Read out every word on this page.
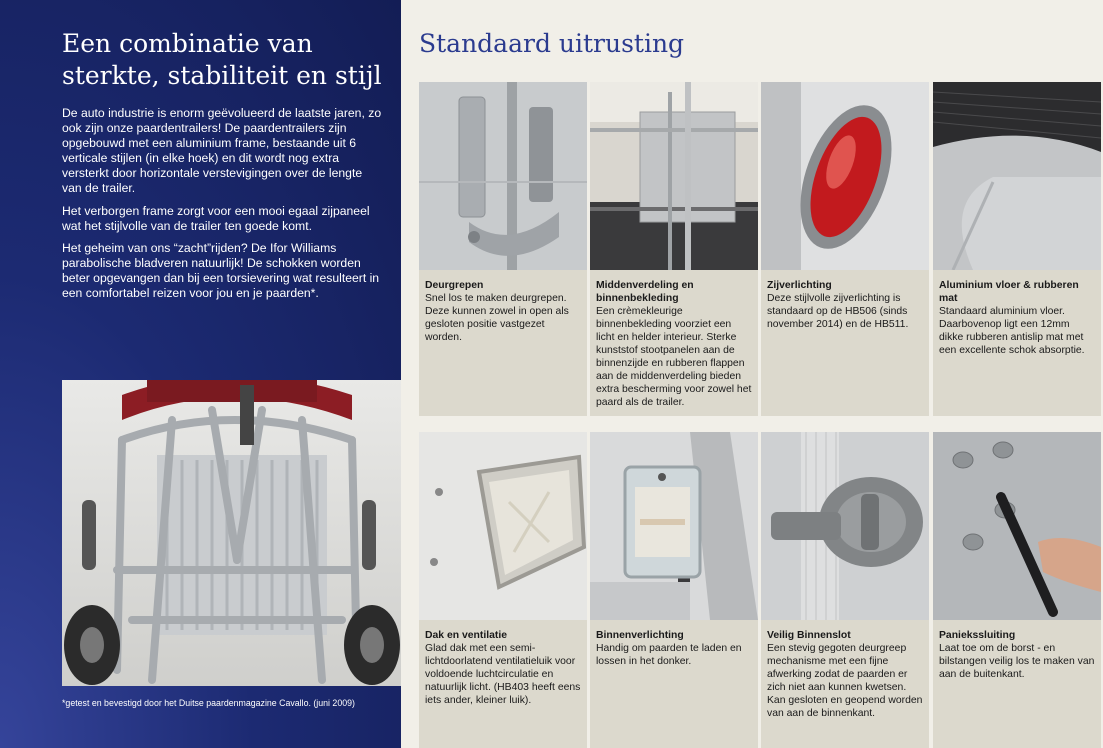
Een combinatie van sterkte, stabiliteit en stijl

De auto industrie is enorm geëvolueerd de laatste jaren, zo ook zijn onze paardentrailers! De paardentrailers zijn opgebouwd met een aluminium frame, bestaande uit 6 verticale stijlen (in elke hoek) en dit wordt nog extra versterkt door horizontale verstevigingen over de lengte van de trailer.

Het verborgen frame zorgt voor een mooi egaal zijpaneel wat het stijlvolle van de trailer ten goede komt.

Het geheim van ons “zacht”rijden? De Ifor Williams parabolische bladveren natuurlijk! De schokken worden beter opgevangen dan bij een torsievering wat resulteert in een comfortabel reizen voor jou en je paarden*.

*getest en bevestigd door het Duitse paardenmagazine Cavallo. (juni 2009)
Standaard uitrusting
Deurgrepen
Snel los te maken deurgrepen. Deze kunnen zowel in open als gesloten positie vastgezet worden.
Middenverdeling en binnenbekleding
Een crèmekleurige binnenbekleding voorziet een licht en helder interieur. Sterke kunststof stootpanelen aan de binnenzijde en rubberen flappen aan de middenverdeling bieden extra bescherming voor zowel het paard als de trailer.
Zijverlichting
Deze stijlvolle zijverlichting is standaard op de HB506 (sinds november 2014) en de HB511.
Aluminium vloer & rubberen mat
Standaard aluminium vloer. Daarbovenop ligt een 12mm dikke rubberen antislip mat met een excellente schok absorptie.
Dak en ventilatie
Glad dak met een semi-lichtdoorlatend ventilatieluik voor voldoende luchtcirculatie en natuurlijk licht. (HB403 heeft eens iets ander, kleiner luik).
Binnenverlichting
Handig om paarden te laden en lossen in het donker.
Veilig Binnenslot
Een stevig gegoten deurgreep mechanisme met een fijne afwerking zodat de paarden er zich niet aan kunnen kwetsen. Kan gesloten en geopend worden van aan de binnenkant.
Paniekssluiting
Laat toe om de borst - en bilstangen veilig los te maken van aan de buitenkant.
